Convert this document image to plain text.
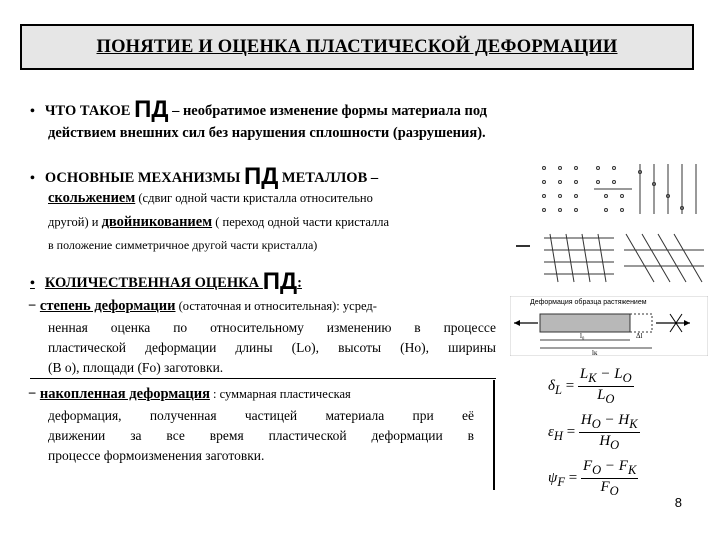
ПОНЯТИЕ И ОЦЕНКА ПЛАСТИЧЕСКОЙ ДЕФОРМАЦИИ
• ЧТО ТАКОЕ ПД – необратимое изменение формы материала под
действием внешних сил без нарушения сплошности (разрушения).
• ОСНОВНЫЕ МЕХАНИЗМЫ ПД МЕТАЛЛОВ –
скольжением (сдвиг одной части кристалла относительно
другой) и двойникованием ( переход одной части кристалла
в положение симметричное другой части кристалла)
• КОЛИЧЕСТВЕННАЯ ОЦЕНКА ПД:
− степень деформации (остаточная и относительная): усред-
ненная оценка по относительному изменению в процессе
пластической деформации длины (Lo), высоты (Но), ширины
(В о), площади (Fо) заготовки.
Деформация образца растяжением
l₀	Δl
lк
− накопленная деформация : суммарная пластическая
деформация, полученная частицей материала при её
движении за все время пластической деформации в
процессе формоизменения заготовки.
$\delta_L = \frac{L_K - L_O}{L_O}$
$\varepsilon_H = \frac{H_O - H_K}{H_O}$
$\psi_F = \frac{F_O - F_K}{F_O}$
8
